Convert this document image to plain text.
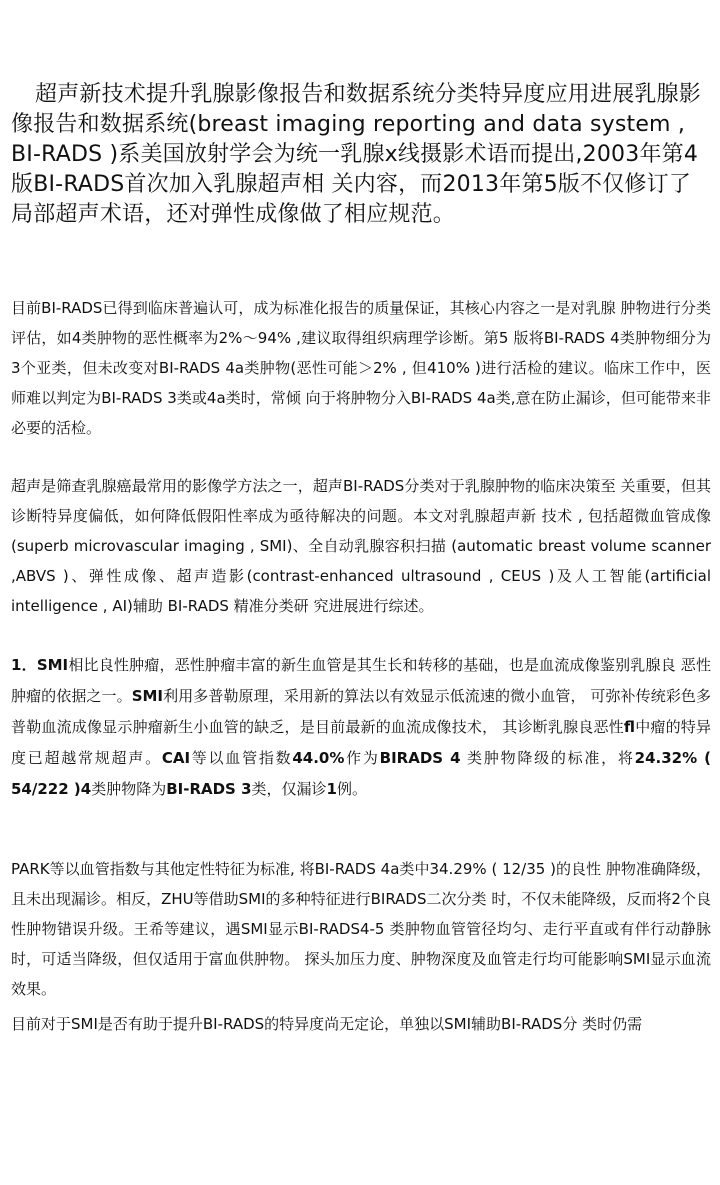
超声新技术提升乳腺影像报告和数据系统分类特异度应用进展乳腺影像报告和数据系统(breast imaging reporting and data system , BI-RADS )系美国放射学会为统一乳腺x线摄影术语而提出,2003年第4版BI-RADS首次加入乳腺超声相 关内容，而2013年第5版不仅修订了局部超声术语，还对弹性成像做了相应规范。

目前BI-RADS已得到临床普遍认可，成为标准化报告的质量保证，其核心内容之一是对乳腺 肿物进行分类评估，如4类肿物的恶性概率为2%〜94% ,建议取得组织病理学诊断。第5 版将BI-RADS 4类肿物细分为3个亚类，但未改变对BI-RADS 4a类肿物(恶性可能＞2% , 但410% )进行活检的建议。临床工作中，医师难以判定为BI-RADS 3类或4a类时，常倾 向于将肿物分入BI-RADS 4a类,意在防止漏诊，但可能带来非必要的活检。

超声是筛查乳腺癌最常用的影像学方法之一，超声BI-RADS分类对于乳腺肿物的临床决策至 关重要，但其诊断特异度偏低，如何降低假阳性率成为亟待解决的问题。本文对乳腺超声新 技术 , 包括超微血管成像(superb microvascular imaging , SMI)、全自动乳腺容积扫描 (automatic breast volume scanner ,ABVS )、弹性成像、超声造影(contrast-enhanced ultrasound , CEUS )及人工智能(artificial intelligence , AI)辅助 BI-RADS 精准分类研 究进展进行综述。

1．SMI相比良性肿瘤，恶性肿瘤丰富的新生血管是其生长和转移的基础，也是血流成像鉴别乳腺良 恶性肿瘤的依据之一。SMI利用多普勒原理，采用新的算法以有效显示低流速的微小血管， 可弥补传统彩色多普勒血流成像显示肿瘤新生小血管的缺乏，是目前最新的血流成像技术， 其诊断乳腺良恶性fl中瘤的特异度已超越常规超声。CAI等以血管指数44.0%作为BIRADS 4 类肿物降级的标准，将24.32% ( 54/222 )4类肿物降为BI-RADS 3类，仅漏诊1例。

PARK等以血管指数与其他定性特征为标准, 将BI-RADS 4a类中34.29% ( 12/35 )的良性 肿物准确降级，且未出现漏诊。相反，ZHU等借助SMI的多种特征进行BIRADS二次分类 时，不仅未能降级，反而将2个良性肿物错误升级。王希等建议，遇SMI显示BI-RADS4-5 类肿物血管管径均匀、走行平直或有伴行动静脉时，可适当降级，但仅适用于富血供肿物。 探头加压力度、肿物深度及血管走行均可能影响SMI显示血流效果。

目前对于SMI是否有助于提升BI-RADS的特异度尚无定论，单独以SMI辅助BI-RADS分 类时仍需
